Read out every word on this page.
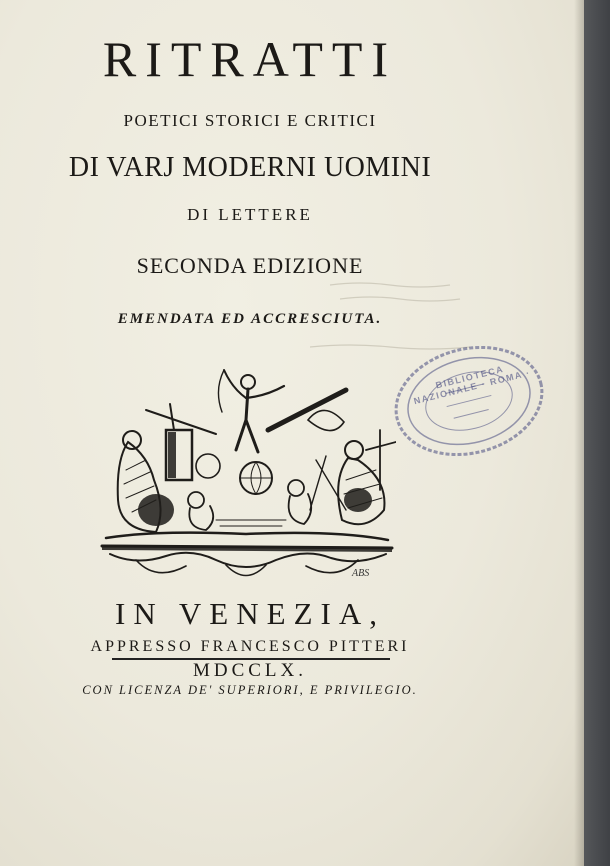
RITRATTI
POETICI STORICI E CRITICI
DI VARJ MODERNI UOMINI
DI LETTERE
SECONDA EDIZIONE
EMENDATA ED ACCRESCIUTA.
BIBLIOTECA NAZIONALE · ROMA ·
ABS
IN VENEZIA,
APPRESSO FRANCESCO PITTERI
MDCCLX.
CON LICENZA DE' SUPERIORI, E PRIVILEGIO.
